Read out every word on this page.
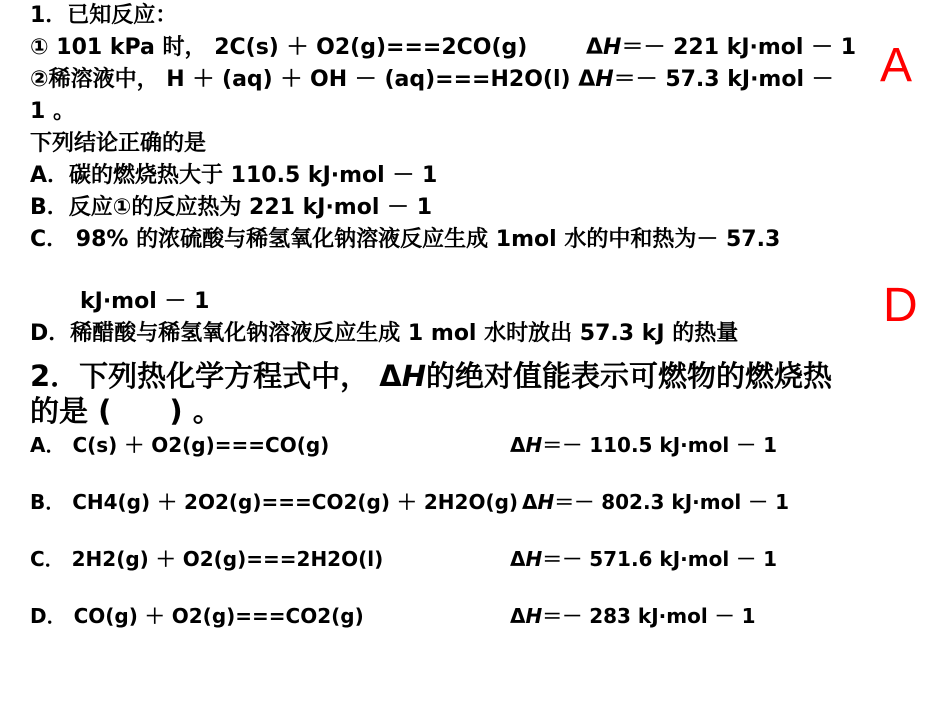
1．已知反应：
① 101 kPa 时， 2C(s) ＋ O2(g)===2CO(g)	ΔH＝－ 221 kJ·mol － 1
②稀溶液中， H ＋ (aq) ＋ OH － (aq)===H2O(l) ΔH＝－ 57.3 kJ·mol －
1 。
下列结论正确的是
A．碳的燃烧热大于 110.5 kJ·mol － 1
B．反应①的反应热为 221 kJ·mol － 1
C． 98% 的浓硫酸与稀氢氧化钠溶液反应生成 1mol 水的中和热为－ 57.3
kJ·mol － 1
D．稀醋酸与稀氢氧化钠溶液反应生成 1 mol 水时放出 57.3 kJ 的热量
2．下列热化学方程式中， ΔH的绝对值能表示可燃物的燃烧热
的是 (　　) 。
A． C(s) ＋ O2(g)===CO(g)	ΔH＝－ 110.5 kJ·mol － 1
B． CH4(g) ＋ 2O2(g)===CO2(g) ＋ 2H2O(g) ΔH＝－ 802.3 kJ·mol － 1
C． 2H2(g) ＋ O2(g)===2H2O(l)	ΔH＝－ 571.6 kJ·mol － 1
D． CO(g) ＋ O2(g)===CO2(g)	ΔH＝－ 283 kJ·mol － 1
A
D
